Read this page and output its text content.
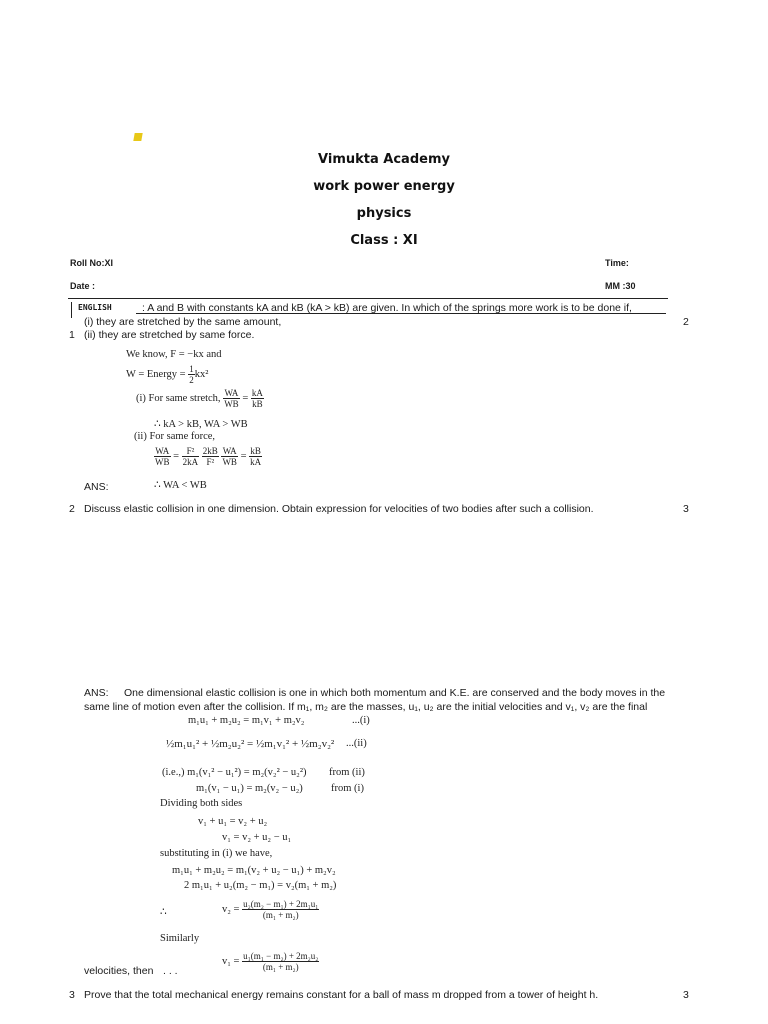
Vimukta Academy
work power energy
physics
Class : XI
Roll No:XI	Time:
Date :	MM :30
ENGLISH	: A and B with constants kA and kB (kA > kB) are given. In which of the springs more work is to be done if,
(i) they are stretched by the same amount,	2
1 (ii) they are stretched by same force.
We know, F = −kx and
W = Energy = $\frac{1}{2} kx^2$
(i) For same stretch, $\frac{WA}{WB} = \frac{kA}{kB}$
∴ kA > kB, WA > WB
(ii) For same force,
$\frac{WA}{WB} = \frac{\text{F²}}{2kA}$
$\frac{2kB}{\text{F²}}$
$\frac{WA}{WB} = \frac{kB}{kA}$
ANS:	∴ WA < WB
2 Discuss elastic collision in one dimension. Obtain expression for velocities of two bodies after such a collision.	3
ANS: One dimensional elastic collision is one in which both momentum and K.E. are conserved and the body moves in the
same line of motion even after the collision. If m₁, m₂ are the masses, u₁, u₂ are the initial velocities and v₁, v₂ are the final
m₁u₁ + m₂u₂ = m₁v₁ + m₂v₂	...(i)
½m₁u₁² + ½m₂u₂² = ½m₁v₁² + ½m₂v₂² ...(ii)
(i.e.,) m₁(v₁² − u₁²) = m₂(v₂² − u₂²) from (ii)
m₁(v₁ − u₁) = m₂(v₂ − u₂)	from (i)
Dividing both sides
v₁ + u₁ = v₂ + u₂
v₁ = v₂ + u₂ − u₁
substituting in (i) we have,
m₁u₁ + m₂u₂ = m₁(v₂ + u₂ − u₁) + m₂v₂
2 m₁u₁ + u₂(m₂ − m₁) = v₂(m₁ + m₂)
∴	$v_2 = \frac{\text{u₂(m₂ − m₁) + 2m₁u₁}}{\text{(m₁ + m₂)}}$
Similarly
$v_1 = \frac{\text{u₁(m₁ − m₂) + 2m₂u₂}}{\text{(m₁ + m₂)}}$
velocities, then . . .
3 Prove that the total mechanical energy remains constant for a ball of mass m dropped from a tower of height h.	3
